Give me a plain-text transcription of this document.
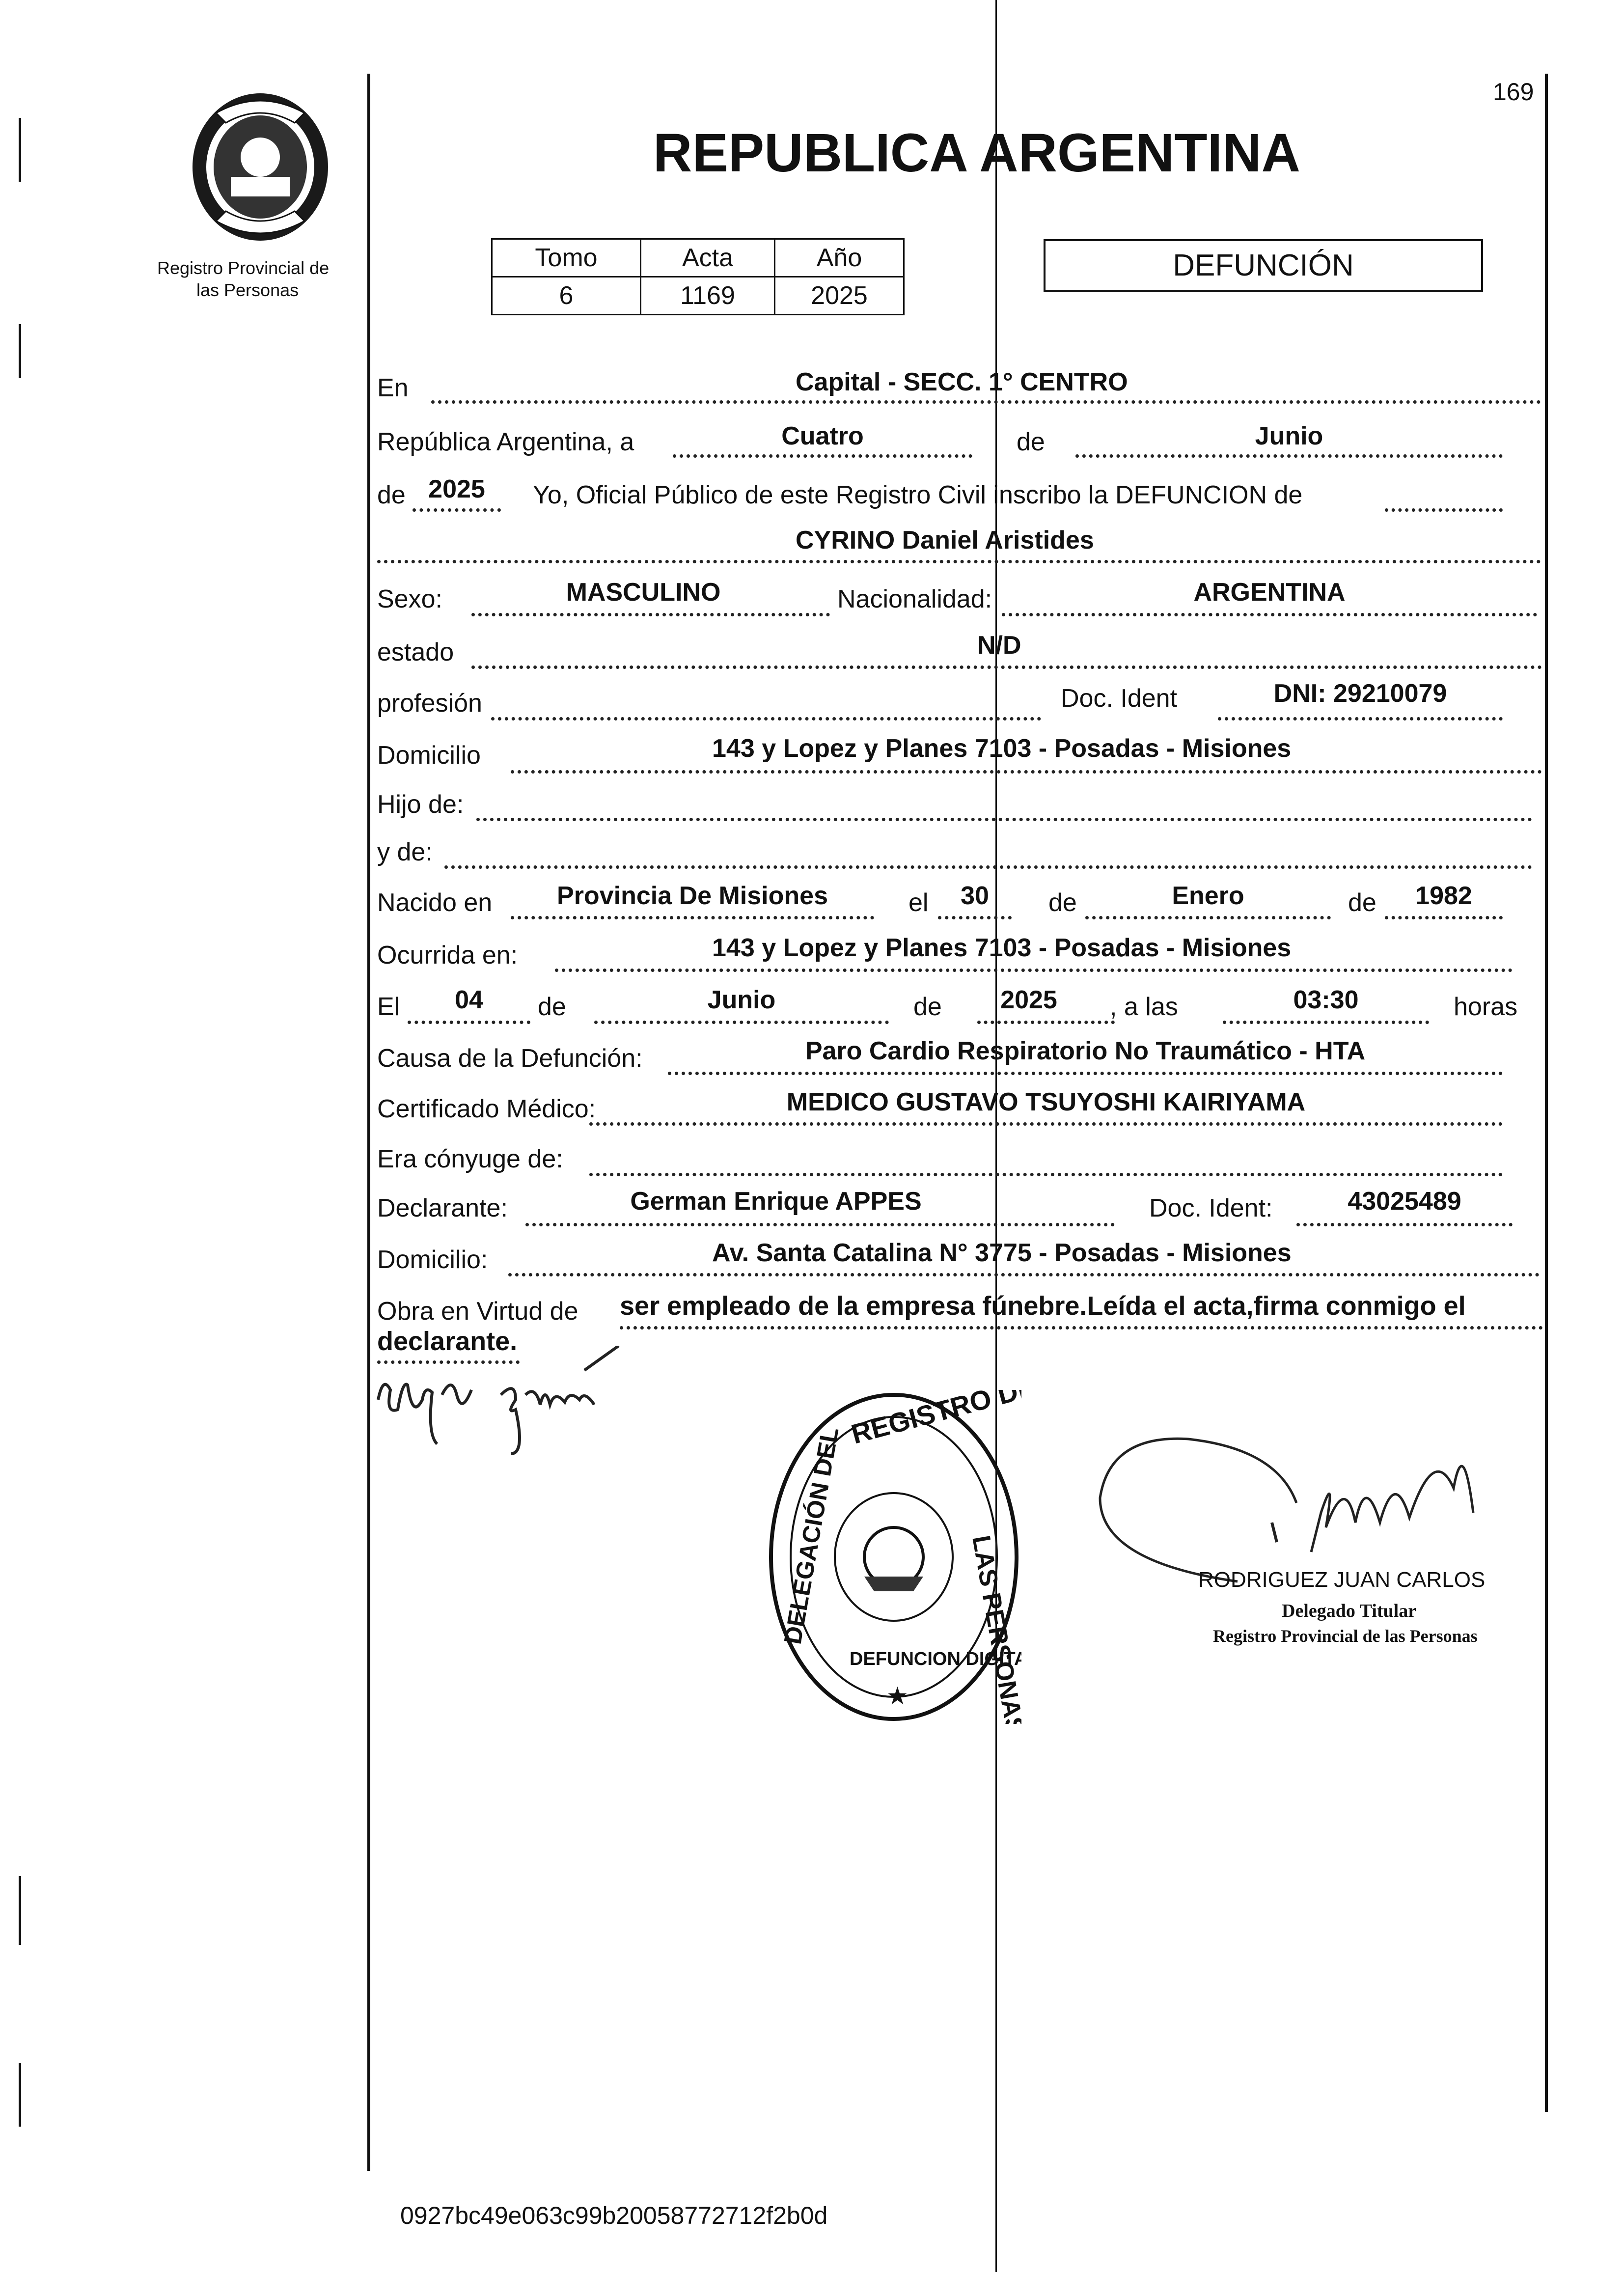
169
Registro Provincial de
las Personas
REPUBLICA ARGENTINA
Tomo	Acta	Año
6	1169	2025
DEFUNCIÓN
En	Capital - SECC. 1° CENTRO
República Argentina, a	Cuatro	de	Junio
de 2025	Yo, Oficial Público de este Registro Civil inscribo la DEFUNCION de
CYRINO Daniel Aristides
Sexo:	MASCULINO	Nacionalidad:	ARGENTINA
estado	N/D
profesión	Doc. Ident	DNI: 29210079
Domicilio	143 y Lopez y Planes 7103 - Posadas - Misiones
Hijo de:
y de:
Nacido en	Provincia De Misiones	el	30	de	Enero	de	1982
Ocurrida en:	143 y Lopez y Planes 7103 - Posadas - Misiones
El	04	de	Junio	de	2025	, a las	03:30	horas
Causa de la Defunción:	Paro Cardio Respiratorio No Traumático - HTA
Certificado Médico:	MEDICO GUSTAVO TSUYOSHI KAIRIYAMA
Era cónyuge de:
Declarante:	German Enrique APPES	Doc. Ident:	43025489
Domicilio:	Av. Santa Catalina N° 3775 - Posadas - Misiones
Obra en Virtud de ser empleado de la empresa fúnebre.Leída el acta,firma conmigo el
declarante.
REGISTRO DE
LAS PERSONAS
DELEGACIÓN DEL
DEFUNCION DIGITAL
★
RODRIGUEZ JUAN CARLOS
Delegado Titular
Registro Provincial de las Personas
0927bc49e063c99b20058772712f2b0d
